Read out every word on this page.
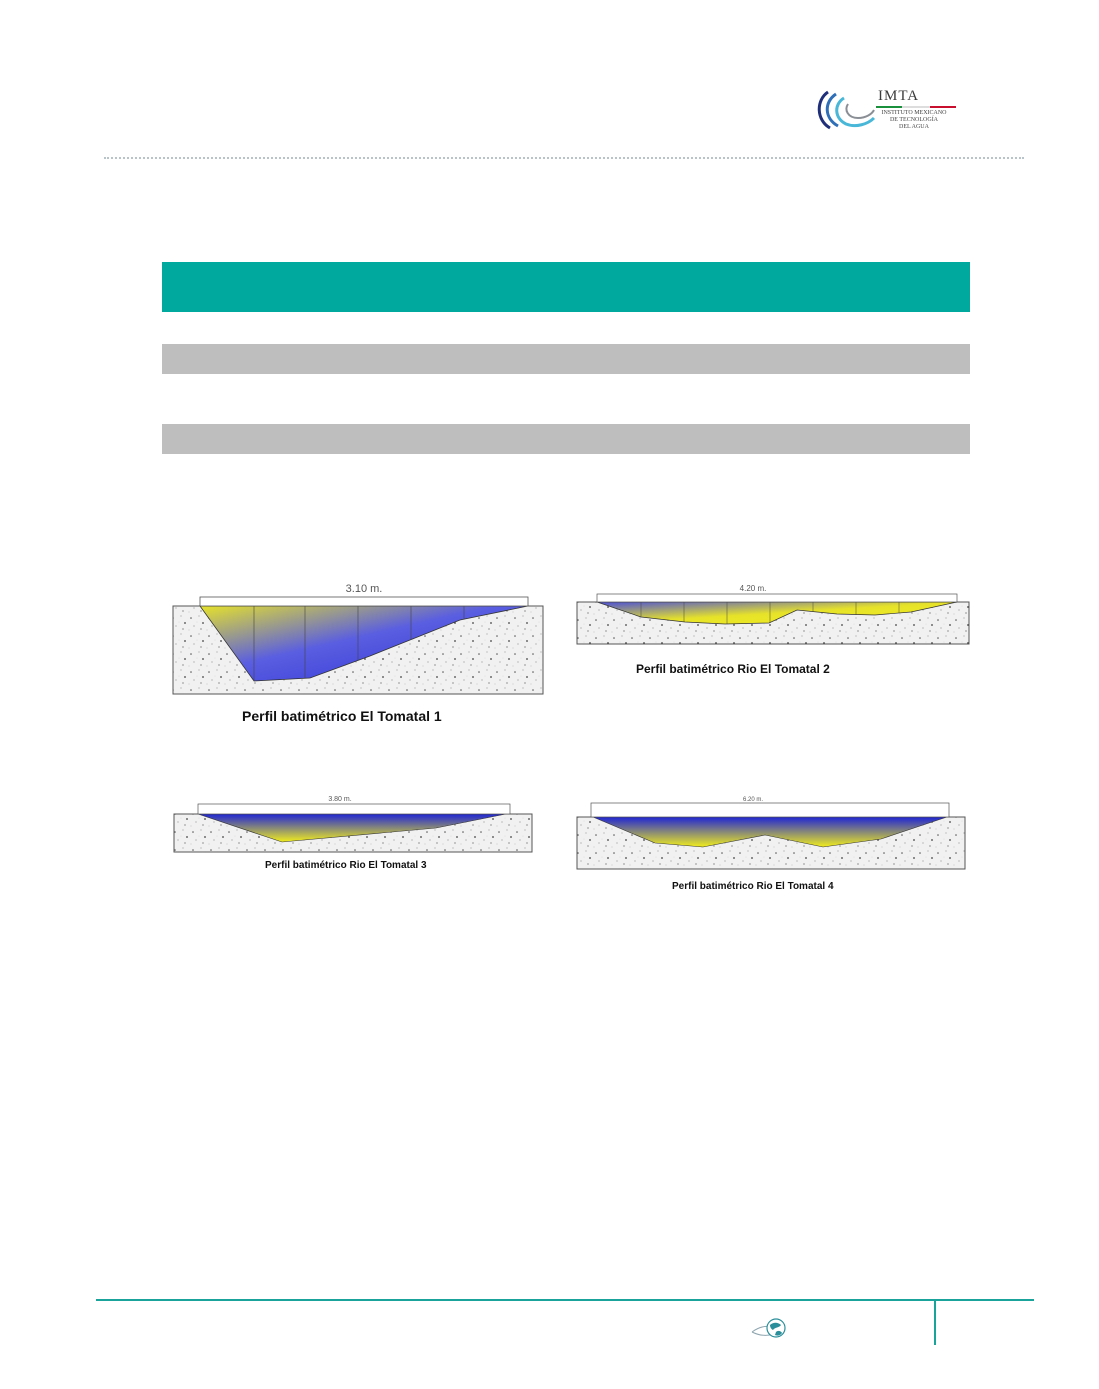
IMTA
INSTITUTO MEXICANO
DE TECNOLOGÍA
DEL AGUA
3.10 m.
Perfil batimétrico El Tomatal 1
4.20 m.
Perfil batimétrico Rio El Tomatal 2
3.80 m.
Perfil batimétrico Rio El Tomatal 3
6.20 m.
Perfil batimétrico Rio El Tomatal 4
